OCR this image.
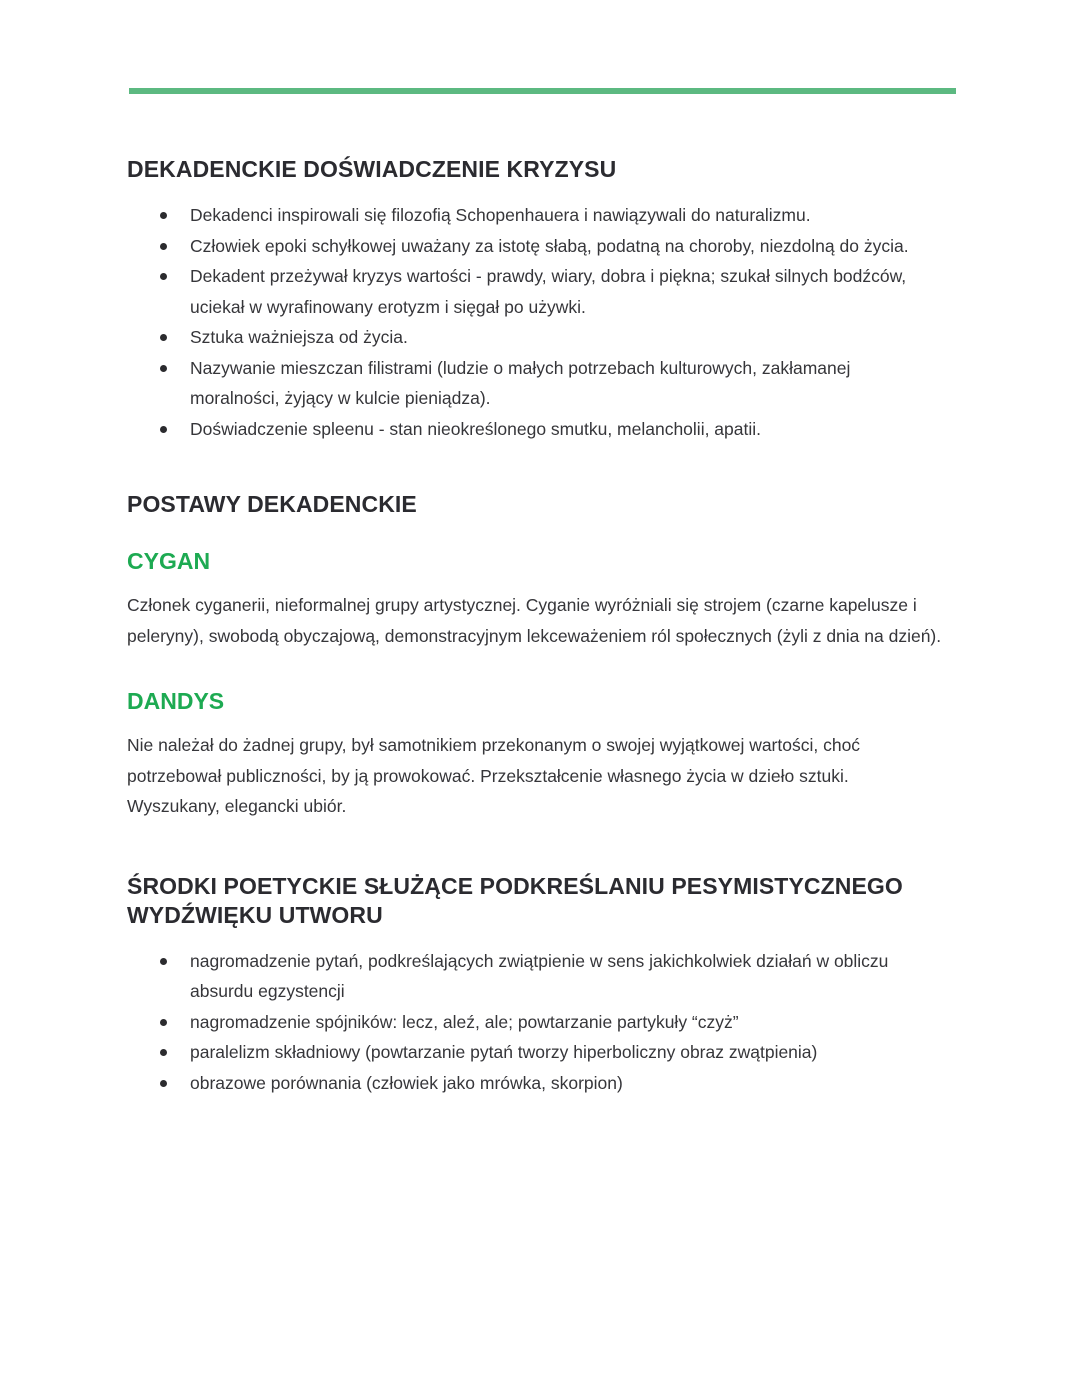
DEKADENCKIE DOŚWIADCZENIE KRYZYSU
Dekadenci inspirowali się filozofią Schopenhauera i nawiązywali do naturalizmu.
Człowiek epoki schyłkowej uważany za istotę słabą, podatną na choroby, niezdolną do życia.
Dekadent przeżywał kryzys wartości - prawdy, wiary, dobra i piękna; szukał silnych bodźców, uciekał w wyrafinowany erotyzm i sięgał po używki.
Sztuka ważniejsza od życia.
Nazywanie mieszczan filistrami (ludzie o małych potrzebach kulturowych, zakłamanej moralności, żyjący w kulcie pieniądza).
Doświadczenie spleenu - stan nieokreślonego smutku, melancholii, apatii.
POSTAWY DEKADENCKIE
CYGAN

Członek cyganerii, nieformalnej grupy artystycznej. Cyganie wyróżniali się strojem (czarne kapelusze i peleryny), swobodą obyczajową, demonstracyjnym lekceważeniem ról społecznych (żyli z dnia na dzień).

DANDYS

Nie należał do żadnej grupy, był samotnikiem przekonanym o swojej wyjątkowej wartości, choć potrzebował publiczności, by ją prowokować. Przekształcenie własnego życia w dzieło sztuki. Wyszukany, elegancki ubiór.

ŚRODKI POETYCKIE SŁUŻĄCE PODKREŚLANIU PESYMISTYCZNEGO WYDŹWIĘKU UTWORU
nagromadzenie pytań, podkreślających zwiątpienie w sens jakichkolwiek działań w obliczu absurdu egzystencji
nagromadzenie spójników: lecz, aleź, ale; powtarzanie partykuły “czyż”
paralelizm składniowy (powtarzanie pytań tworzy hiperboliczny obraz zwątpienia)
obrazowe porównania (człowiek jako mrówka, skorpion)
